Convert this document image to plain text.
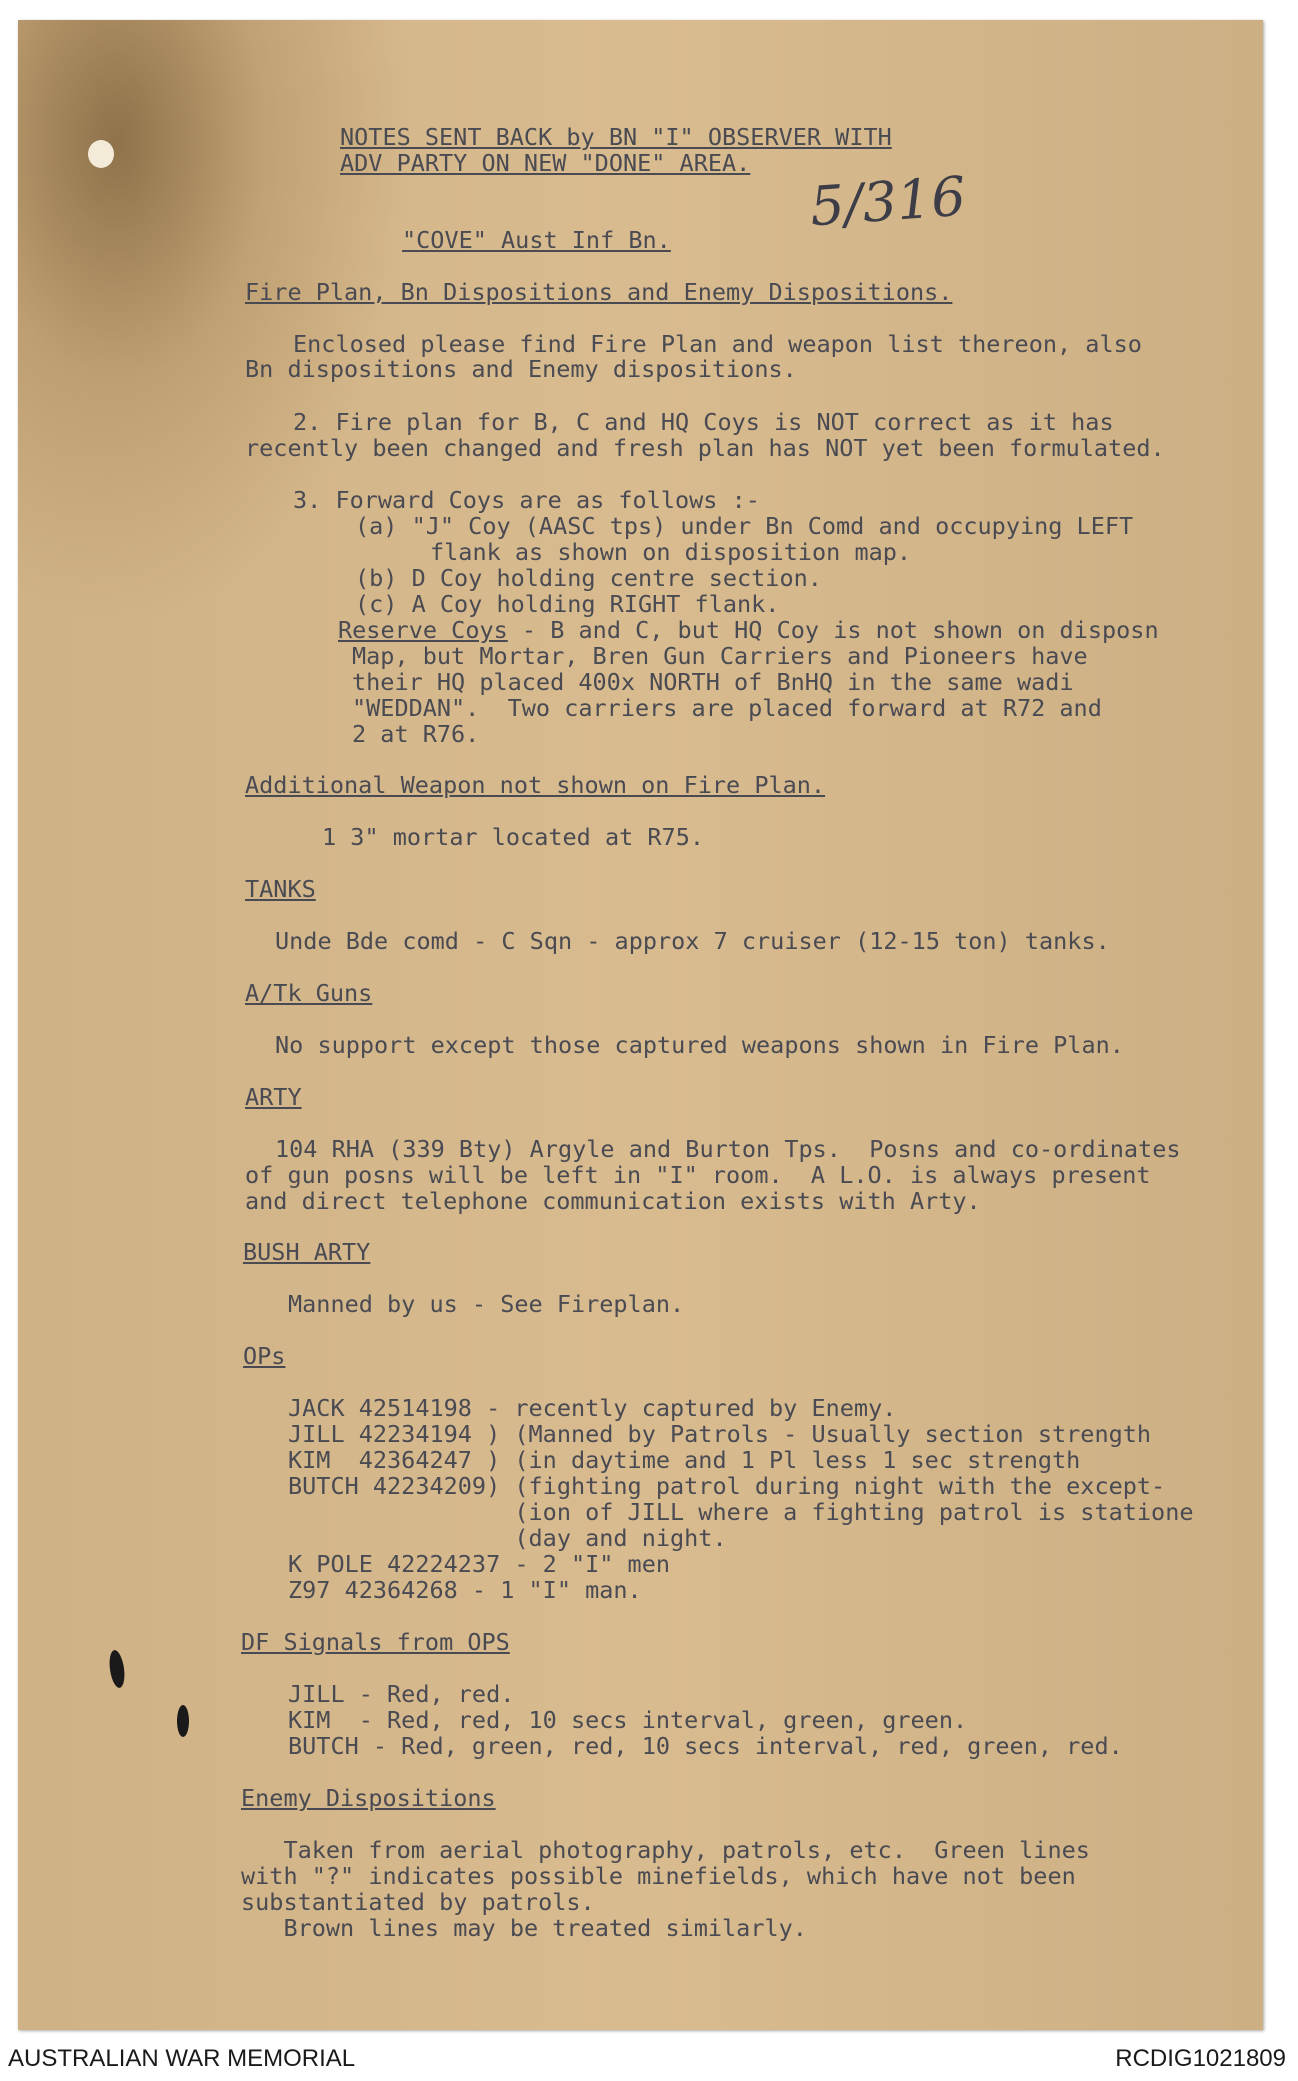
NOTES SENT BACK by BN "I" OBSERVER WITH
ADV PARTY ON NEW "DONE" AREA.
5/316
"COVE" Aust Inf Bn.
Fire Plan, Bn Dispositions and Enemy Dispositions.
Enclosed please find Fire Plan and weapon list thereon, also
Bn dispositions and Enemy dispositions.
2. Fire plan for B, C and HQ Coys is NOT correct as it has
recently been changed and fresh plan has NOT yet been formulated.
3. Forward Coys are as follows :-
(a) "J" Coy (AASC tps) under Bn Comd and occupying LEFT
flank as shown on disposition map.
(b) D Coy holding centre section.
(c) A Coy holding RIGHT flank.
Reserve Coys - B and C, but HQ Coy is not shown on disposn
Map, but Mortar, Bren Gun Carriers and Pioneers have
their HQ placed 400x NORTH of BnHQ in the same wadi
"WEDDAN".  Two carriers are placed forward at R72 and
2 at R76.
Additional Weapon not shown on Fire Plan.
1 3" mortar located at R75.
TANKS
Unde Bde comd - C Sqn - approx 7 cruiser (12-15 ton) tanks.
A/Tk Guns
No support except those captured weapons shown in Fire Plan.
ARTY
104 RHA (339 Bty) Argyle and Burton Tps.  Posns and co-ordinates
of gun posns will be left in "I" room.  A L.O. is always present
and direct telephone communication exists with Arty.
BUSH ARTY
Manned by us - See Fireplan.
OPs
JACK 42514198 - recently captured by Enemy.
JILL 42234194 ) (Manned by Patrols - Usually section strength
KIM  42364247 ) (in daytime and 1 Pl less 1 sec strength
BUTCH 42234209) (fighting patrol during night with the except-
(ion of JILL where a fighting patrol is statione
(day and night.
K POLE 42224237 - 2 "I" men
Z97 42364268 - 1 "I" man.
DF Signals from OPS
JILL - Red, red.
KIM  - Red, red, 10 secs interval, green, green.
BUTCH - Red, green, red, 10 secs interval, red, green, red.
Enemy Dispositions
Taken from aerial photography, patrols, etc.  Green lines
with "?" indicates possible minefields, which have not been
substantiated by patrols.
Brown lines may be treated similarly.
AUSTRALIAN WAR MEMORIAL	RCDIG1021809
